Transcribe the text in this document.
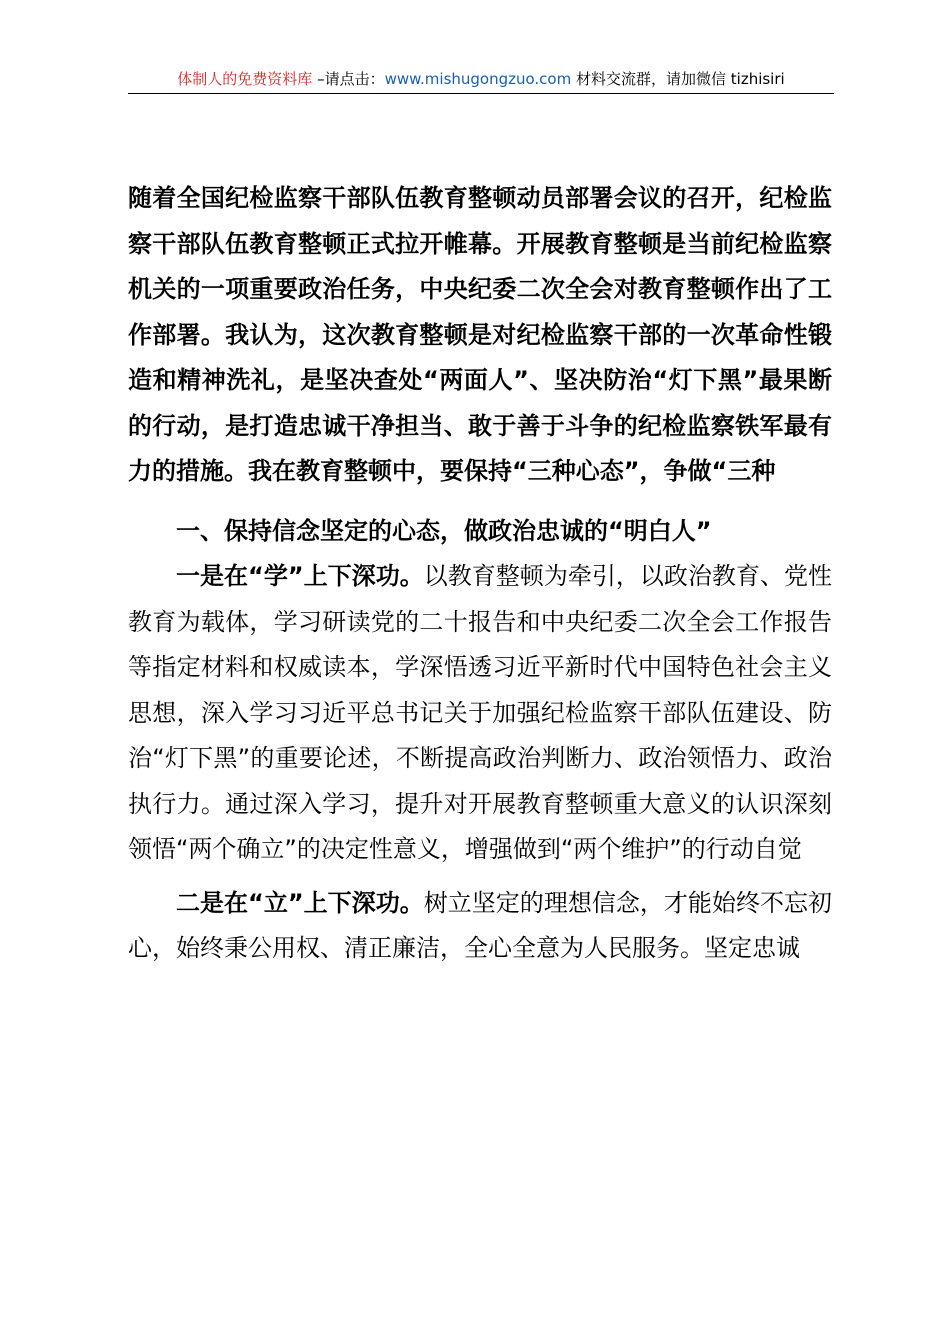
体制人的免费资料库 –请点击：www.mishugongzuo.com 材料交流群，请加微信 tizhisiri

随着全国纪检监察干部队伍教育整顿动员部署会议的召开，纪检监察干部队伍教育整顿正式拉开帷幕。开展教育整顿是当前纪检监察机关的一项重要政治任务，中央纪委二次全会对教育整顿作出了工作部署。我认为，这次教育整顿是对纪检监察干部的一次革命性锻造和精神洗礼，是坚决查处“两面人”、坚决防治“灯下黑”最果断的行动，是打造忠诚干净担当、敢于善于斗争的纪检监察铁军最有力的措施。我在教育整顿中，要保持“三种心态”，争做“三种

一、保持信念坚定的心态，做政治忠诚的“明白人”

一是在“学”上下深功。以教育整顿为牵引，以政治教育、党性教育为载体，学习研读党的二十报告和中央纪委二次全会工作报告等指定材料和权威读本，学深悟透习近平新时代中国特色社会主义思想，深入学习习近平总书记关于加强纪检监察干部队伍建设、防治“灯下黑”的重要论述，不断提高政治判断力、政治领悟力、政治执行力。通过深入学习，提升对开展教育整顿重大意义的认识深刻领悟“两个确立”的决定性意义，增强做到“两个维护”的行动自觉

二是在“立”上下深功。树立坚定的理想信念，才能始终不忘初心，始终秉公用权、清正廉洁，全心全意为人民服务。坚定忠诚
